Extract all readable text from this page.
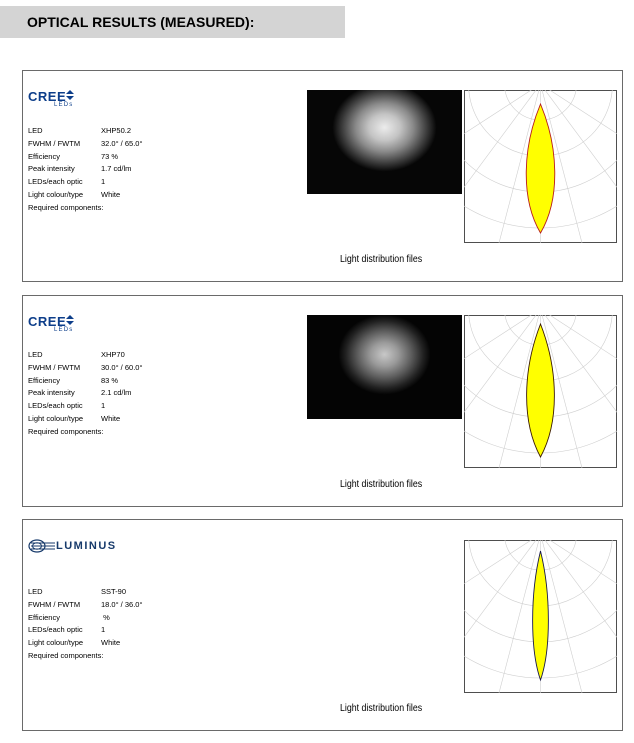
OPTICAL RESULTS (MEASURED):
CREE
LEDs
LED	XHP50.2
FWHM / FWTM	32.0° / 65.0°
Efficiency	73 %
Peak intensity	1.7 cd/lm
LEDs/each optic	1
Light colour/type	White
Required components:
Light distribution files
CREE
LEDs
LED	XHP70
FWHM / FWTM	30.0° / 60.0°
Efficiency	83 %
Peak intensity	2.1 cd/lm
LEDs/each optic	1
Light colour/type	White
Required components:
Light distribution files
LUMINUS
LED	SST-90
FWHM / FWTM	18.0° / 36.0°
Efficiency	%
LEDs/each optic	1
Light colour/type	White
Required components:
Light distribution files
